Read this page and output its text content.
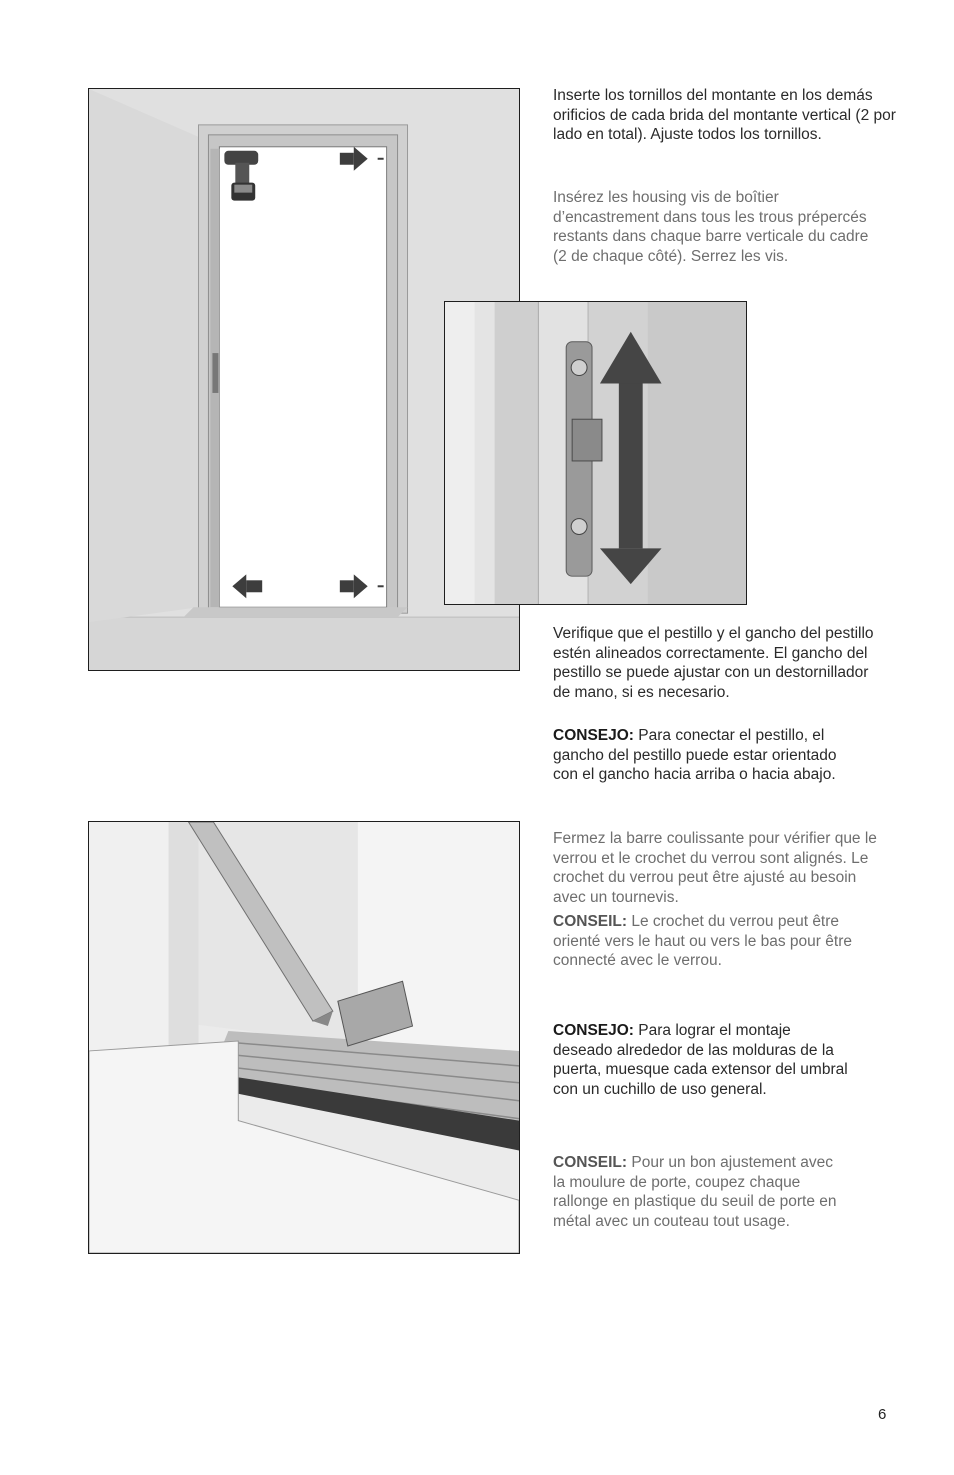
Inserte los tornillos del montante en los demás orificios de cada brida del montante vertical (2 por lado en total). Ajuste todos los tornillos.

Insérez les housing vis de boîtier d’encastrement dans tous les trous prépercés restants dans chaque barre verticale du cadre (2 de chaque côté). Serrez les vis.

Verifique que el pestillo y el gancho del pestillo estén alineados correctamente. El gancho del pestillo se puede ajustar con un destornillador de mano, si es necesario.

CONSEJO: Para conectar el pestillo, el gancho del pestillo puede estar orientado con el gancho hacia arriba o hacia abajo.

Fermez la barre coulissante pour vérifier que le verrou et le crochet du verrou sont alignés. Le crochet du verrou peut être ajusté au besoin avec un tournevis.

CONSEIL: Le crochet du verrou peut être orienté vers le haut ou vers le bas pour être connecté avec le verrou.

CONSEJO: Para lograr el montaje deseado alrededor de las molduras de la puerta, muesque cada extensor del umbral con un cuchillo de uso general.

CONSEIL: Pour un bon ajustement avec la moulure de porte, coupez chaque rallonge en plastique du seuil de porte en métal avec un couteau tout usage.

6
